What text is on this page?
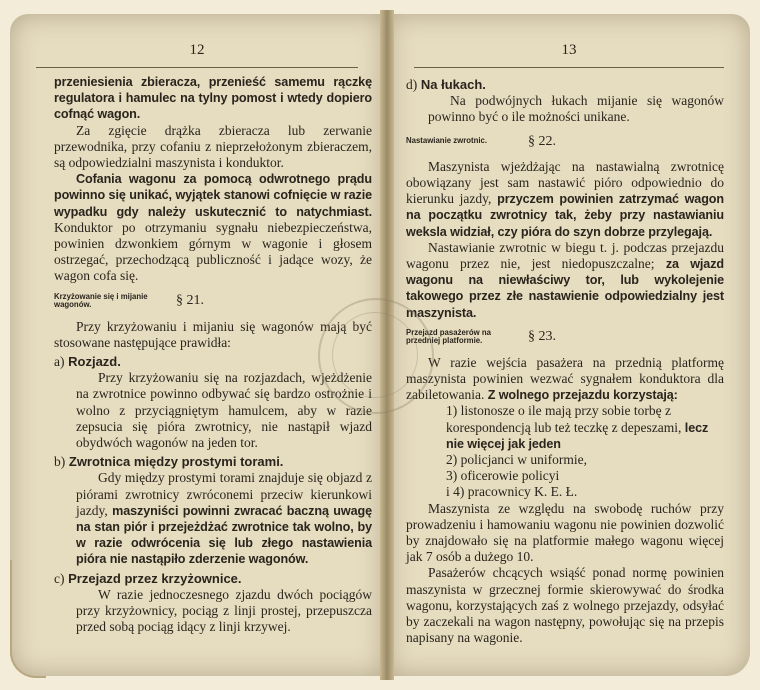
12

przeniesienia zbieracza, przenieść samemu rączkę regulatora i hamulec na tylny pomost i wtedy dopiero cofnąć wagon.

Za zgięcie drążka zbieracza lub zerwanie przewodnika, przy cofaniu z nieprzełożonym zbieraczem, są odpowiedzialni maszynista i konduktor.

Cofania wagonu za pomocą odwrotnego prądu powinno się unikać, wyjątek stanowi cofnięcie w razie wypadku gdy należy uskutecznić to natychmiast. Konduktor po otrzymaniu sygnału niebezpieczeństwa, powinien dzwonkiem górnym w wagonie i głosem ostrzegać, przechodzącą publiczność i jadące wozy, że wagon cofa się.

Krzyżowanie się i mijanie wagonów.	§ 21.

Przy krzyżowaniu i mijaniu się wagonów mają być stosowane następujące prawidła:

a) Rozjazd.

Przy krzyżowaniu się na rozjazdach, wjeżdżenie na zwrotnice powinno odbywać się bardzo ostrożnie i wolno z przyciągniętym hamulcem, aby w razie zepsucia się pióra zwrotnicy, nie nastąpił wjazd obydwóch wagonów na jeden tor.

b) Zwrotnica między prostymi torami.

Gdy między prostymi torami znajduje się objazd z piórami zwrotnicy zwróconemi przeciw kierunkowi jazdy, maszyniści powinni zwracać baczną uwagę na stan piór i przejeżdżać zwrotnice tak wolno, by w razie odwrócenia się lub złego nastawienia pióra nie nastąpiło zderzenie wagonów.

c) Przejazd przez krzyżownice.

W razie jednoczesnego zjazdu dwóch pociągów przy krzyżownicy, pociąg z linji prostej, przepuszcza przed sobą pociąg idący z linji krzywej.

13
d) Na łukach.

Na podwójnych łukach mijanie się wagonów powinno być o ile możności unikane.

Nastawianie zwrotnic.	§ 22.

Maszynista wjeżdżając na nastawialną zwrotnicę obowiązany jest sam nastawić pióro odpowiednio do kierunku jazdy, przyczem powinien zatrzymać wagon na początku zwrotnicy tak, żeby przy nastawianiu weksla widział, czy pióra do szyn dobrze przylegają.

Nastawianie zwrotnic w biegu t. j. podczas przejazdu wagonu przez nie, jest niedopuszczalne; za wjazd wagonu na niewłaściwy tor, lub wykolejenie takowego przez złe nastawienie odpowiedzialny jest maszynista.

Przejazd pasażerów na przedniej platformie.	§ 23.

W razie wejścia pasażera na przednią platformę maszynista powinien wezwać sygnałem konduktora dla zabiletowania. Z wolnego przejazdu korzystają:

1) listonosze o ile mają przy sobie torbę z korespondencją lub też teczkę z depeszami, lecz nie więcej jak jeden

2) policjanci w uniformie,

3) oficerowie policyi

i 4) pracownicy K. E. Ł.

Maszynista ze względu na swobodę ruchów przy prowadzeniu i hamowaniu wagonu nie powinien dozwolić by znajdowało się na platformie małego wagonu więcej jak 7 osób a dużego 10.

Pasażerów chcących wsiąść ponad normę powinien maszynista w grzecznej formie skierowywać do środka wagonu, korzystających zaś z wolnego przejazdy, odsyłać by zaczekali na wagon następny, powołując się na przepis napisany na wagonie.
